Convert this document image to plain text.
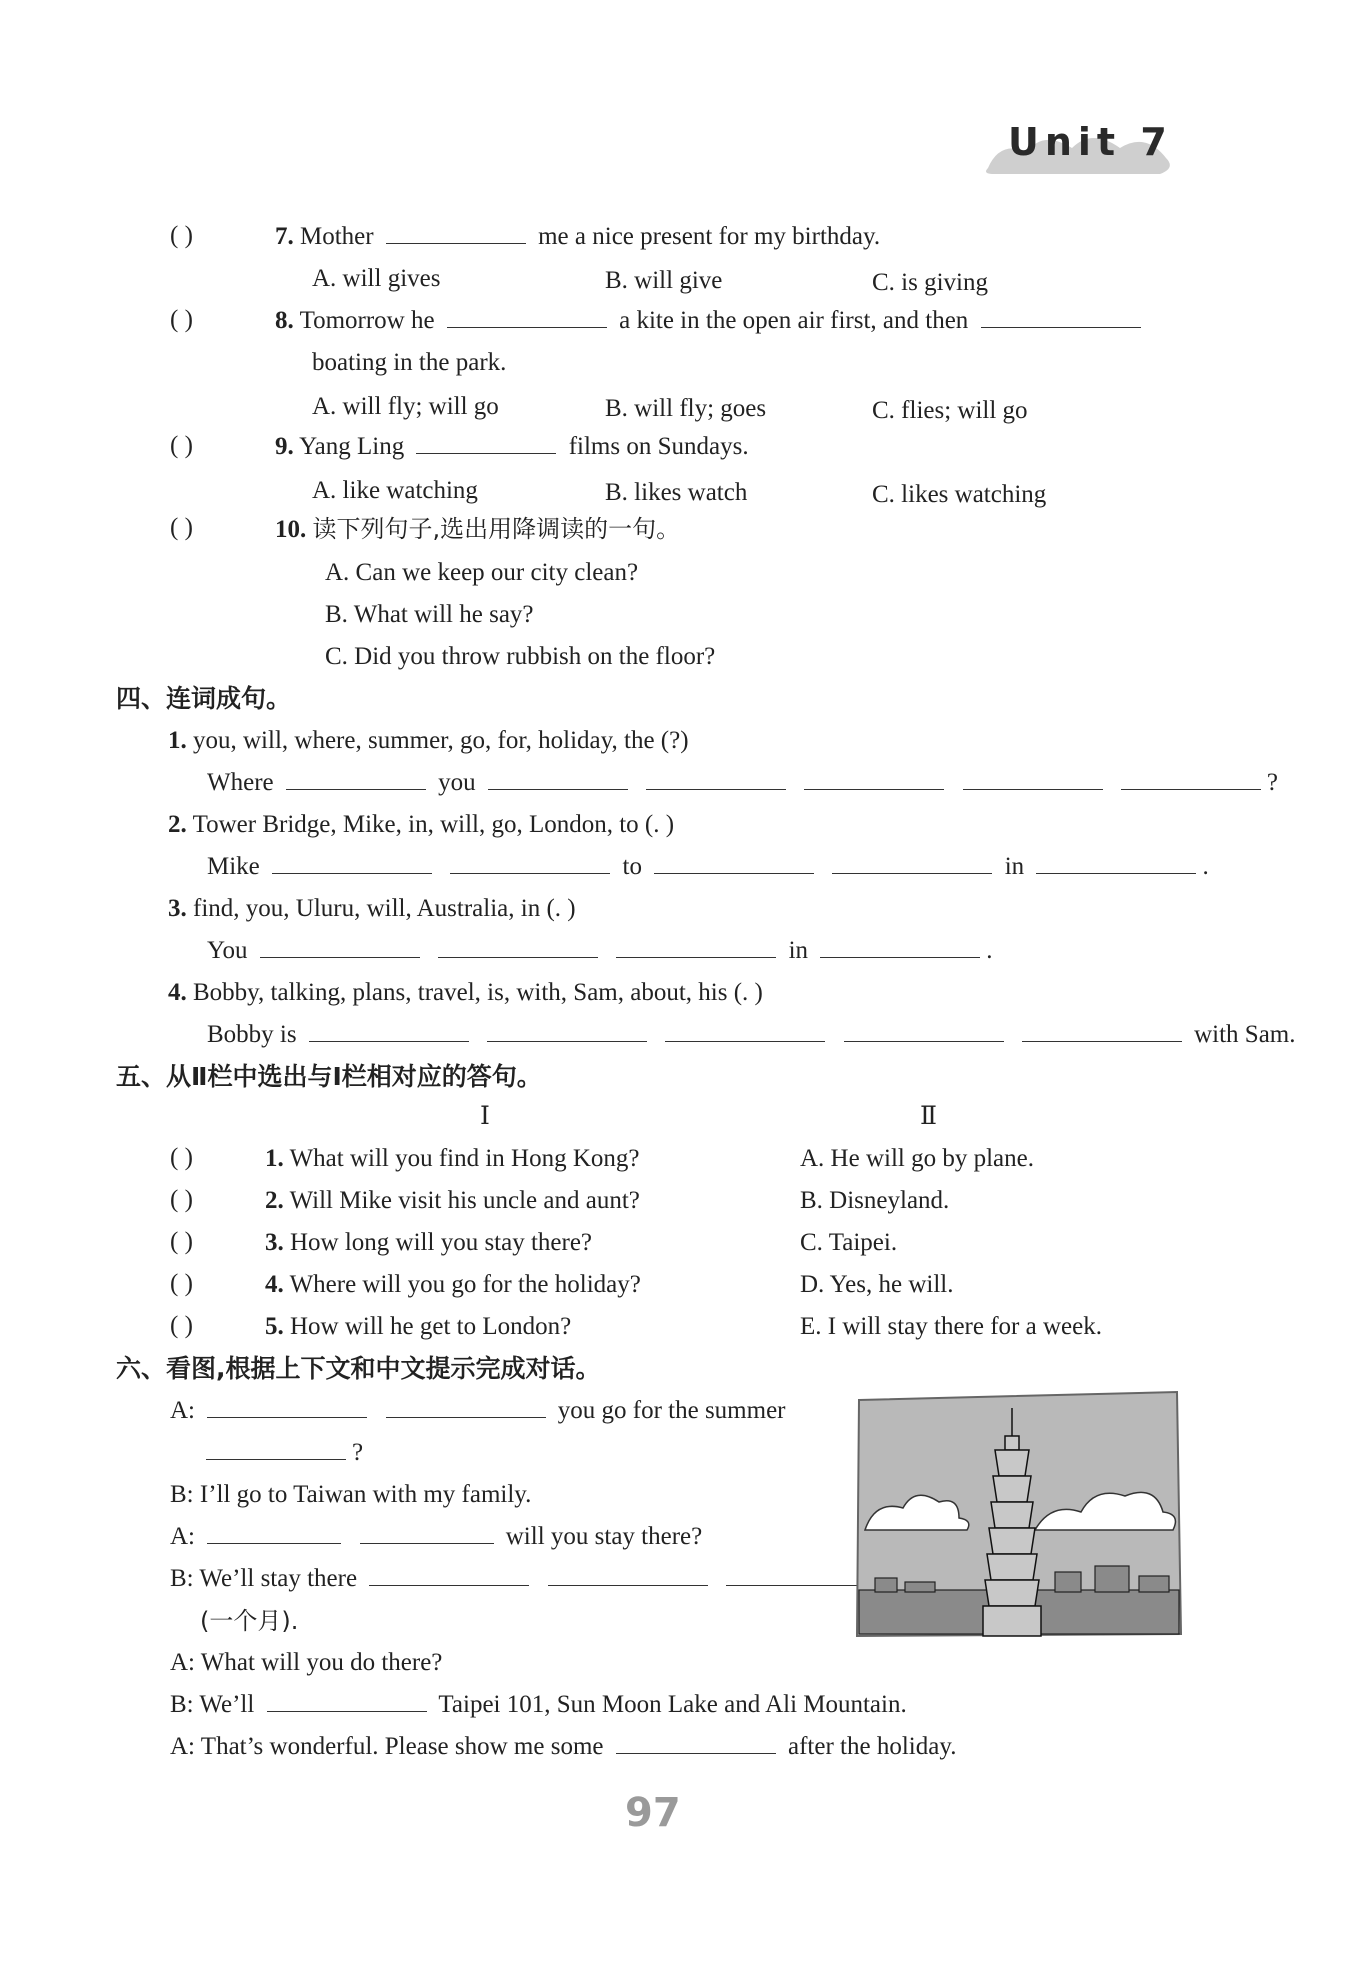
Unit 7
( )	7. Mother	me a nice present for my birthday.
A. will gives	B. will give	C. is giving
( )	8. Tomorrow he	a kite in the open air first, and then
boating in the park.
A. will fly; will go	B. will fly; goes	C. flies; will go
( )	9. Yang Ling	films on Sundays.
A. like watching	B. likes watch	C. likes watching
( )	10. 读下列句子,选出用降调读的一句。
A. Can we keep our city clean?
B. What will he say?
C. Did you throw rubbish on the floor?
四、连词成句。
1. you, will, where, summer, go, for, holiday, the (?)
Where	you	?
2. Tower Bridge, Mike, in, will, go, London, to (. )
Mike	to	in	.
3. find, you, Uluru, will, Australia, in (. )
You	in	.
4. Bobby, talking, plans, travel, is, with, Sam, about, his (. )
Bobby is	with Sam.
五、从Ⅱ栏中选出与Ⅰ栏相对应的答句。
Ⅰ	Ⅱ
( )	1. What will you find in Hong Kong?	A. He will go by plane.
( )	2. Will Mike visit his uncle and aunt?	B. Disneyland.
( )	3. How long will you stay there?	C. Taipei.
( )	4. Where will you go for the holiday?	D. Yes, he will.
( )	5. How will he get to London?	E. I will stay there for a week.
六、看图,根据上下文和中文提示完成对话。
A:	you go for the summer
?
B: I’ll go to Taiwan with my family.
A:	will you stay there?
B: We’ll stay there
(一个月).
A: What will you do there?
B: We’ll	Taipei 101, Sun Moon Lake and Ali Mountain.
A: That’s wonderful. Please show me some	after the holiday.
97
